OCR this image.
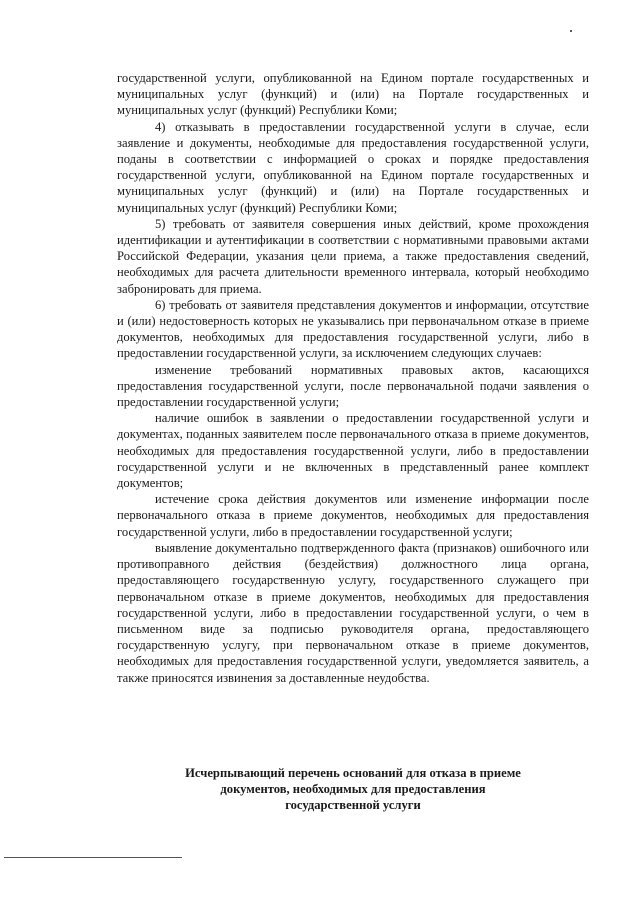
государственной услуги, опубликованной на Едином портале государственных и муниципальных услуг (функций) и (или) на Портале государственных и муниципальных услуг (функций) Республики Коми;

4) отказывать в предоставлении государственной услуги в случае, если заявление и документы, необходимые для предоставления государственной услуги, поданы в соответствии с информацией о сроках и порядке предоставления государственной услуги, опубликованной на Едином портале государственных и муниципальных услуг (функций) и (или) на Портале государственных и муниципальных услуг (функций) Республики Коми;

5) требовать от заявителя совершения иных действий, кроме прохождения идентификации и аутентификации в соответствии с нормативными правовыми актами Российской Федерации, указания цели приема, а также предоставления сведений, необходимых для расчета длительности временного интервала, который необходимо забронировать для приема.

6) требовать от заявителя представления документов и информации, отсутствие и (или) недостоверность которых не указывались при первоначальном отказе в приеме документов, необходимых для предоставления государственной услуги, либо в предоставлении государственной услуги, за исключением следующих случаев:

изменение требований нормативных правовых актов, касающихся предоставления государственной услуги, после первоначальной подачи заявления о предоставлении государственной услуги;

наличие ошибок в заявлении о предоставлении государственной услуги и документах, поданных заявителем после первоначального отказа в приеме документов, необходимых для предоставления государственной услуги, либо в предоставлении государственной услуги и не включенных в представленный ранее комплект документов;

истечение срока действия документов или изменение информации после первоначального отказа в приеме документов, необходимых для предоставления государственной услуги, либо в предоставлении государственной услуги;

выявление документально подтвержденного факта (признаков) ошибочного или противоправного действия (бездействия) должностного лица органа, предоставляющего государственную услугу, государственного служащего при первоначальном отказе в приеме документов, необходимых для предоставления государственной услуги, либо в предоставлении государственной услуги, о чем в письменном виде за подписью руководителя органа, предоставляющего государственную услугу, при первоначальном отказе в приеме документов, необходимых для предоставления государственной услуги, уведомляется заявитель, а также приносятся извинения за доставленные неудобства.

Исчерпывающий перечень оснований для отказа в приеме
документов, необходимых для предоставления
государственной услуги
